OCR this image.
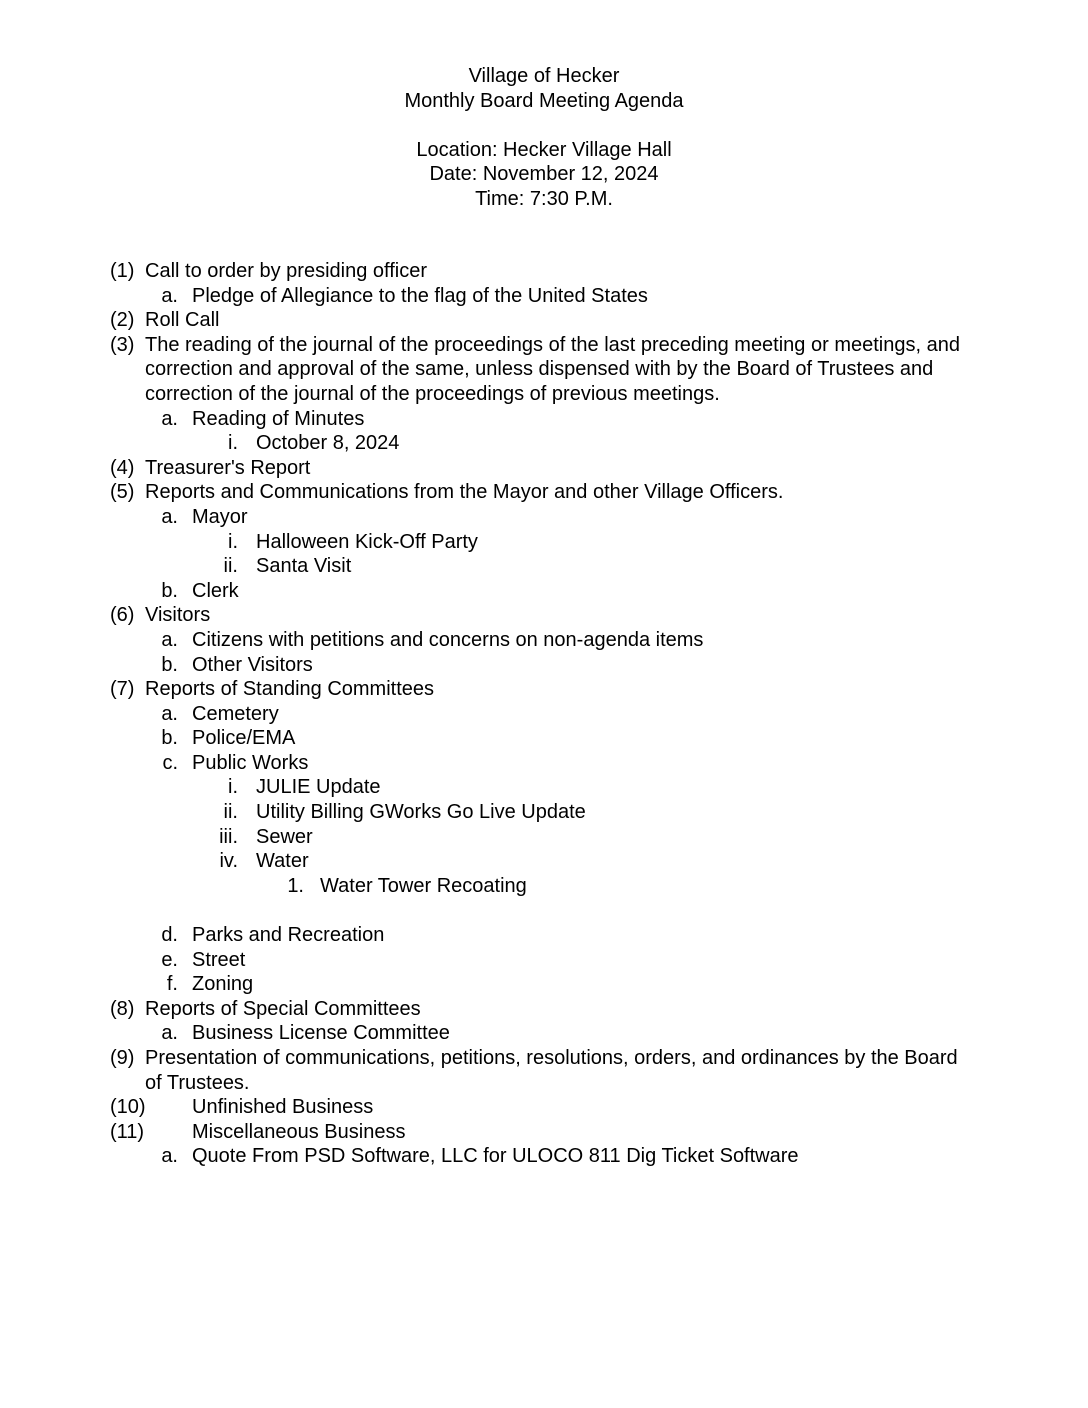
Village of Hecker
Monthly Board Meeting Agenda
Location: Hecker Village Hall
Date: November 12, 2024
Time: 7:30 P.M.
(1) Call to order by presiding officer
a. Pledge of Allegiance to the flag of the United States
(2) Roll Call
(3) The reading of the journal of the proceedings of the last preceding meeting or meetings, and
correction and approval of the same, unless dispensed with by the Board of Trustees and
correction of the journal of the proceedings of previous meetings.
a. Reading of Minutes
i. October 8, 2024
(4) Treasurer's Report
(5) Reports and Communications from the Mayor and other Village Officers.
a. Mayor
i. Halloween Kick-Off Party
ii. Santa Visit
b. Clerk
(6) Visitors
a. Citizens with petitions and concerns on non-agenda items
b. Other Visitors
(7) Reports of Standing Committees
a. Cemetery
b. Police/EMA
c. Public Works
i. JULIE Update
ii. Utility Billing GWorks Go Live Update
iii. Sewer
iv. Water
1. Water Tower Recoating
d. Parks and Recreation
e. Street
f. Zoning
(8) Reports of Special Committees
a. Business License Committee
(9) Presentation of communications, petitions, resolutions, orders, and ordinances by the Board
of Trustees.
(10) Unfinished Business
(11) Miscellaneous Business
a. Quote From PSD Software, LLC for ULOCO 811 Dig Ticket Software
